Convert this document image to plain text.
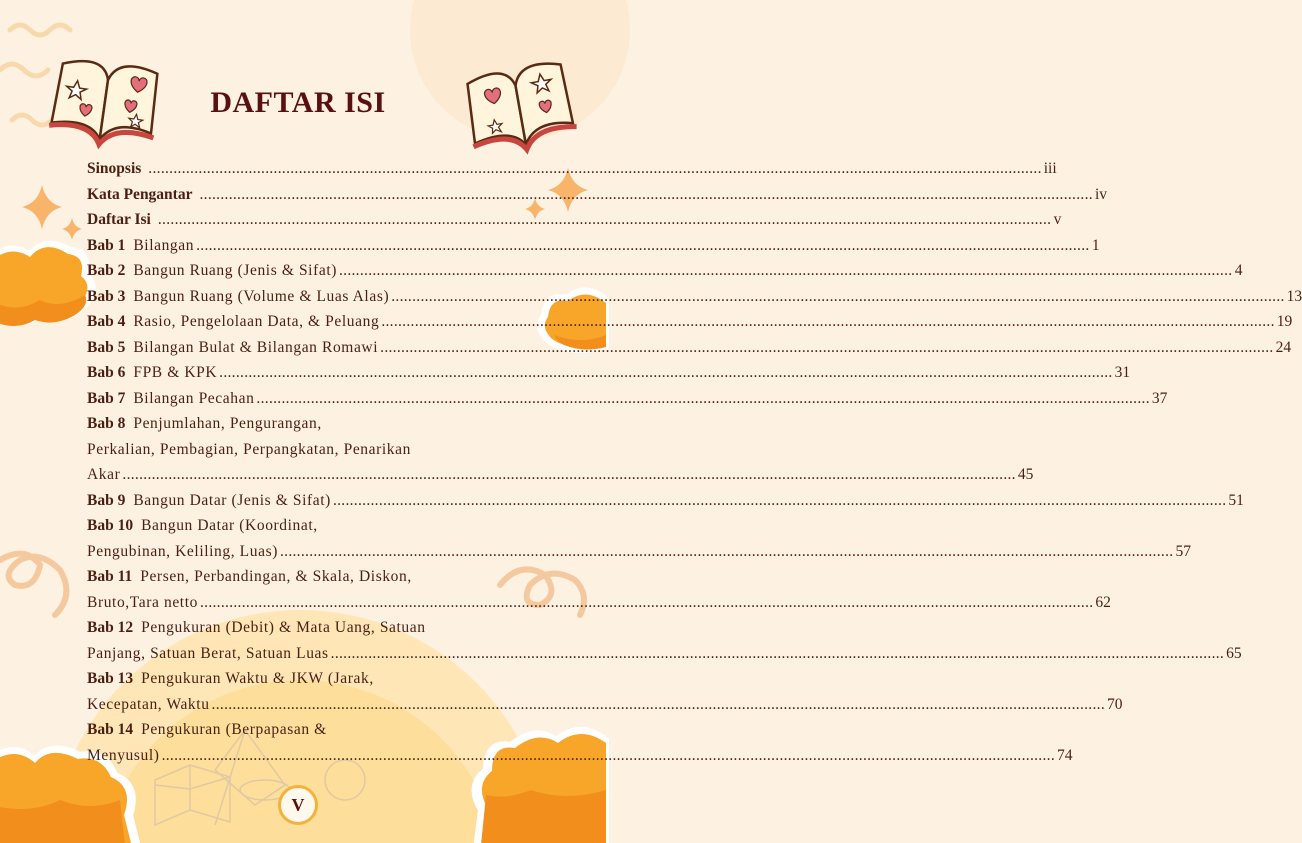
DAFTAR ISI
Sinopsis .....	iii
Kata Pengantar .....	iv
Daftar Isi .....	v
Bab 1 Bilangan .....	1
Bab 2 Bangun Ruang (Jenis & Sifat) .....	4
Bab 3 Bangun Ruang (Volume & Luas Alas) .....	13
Bab 4 Rasio, Pengelolaan Data, & Peluang .....	19
Bab 5 Bilangan Bulat & Bilangan Romawi .....	24
Bab 6 FPB & KPK .....	31
Bab 7 Bilangan Pecahan .....	37
Bab 8 Penjumlahan, Pengurangan,
Perkalian, Pembagian, Perpangkatan, Penarikan
Akar .....	45
Bab 9 Bangun Datar (Jenis & Sifat) .....	51
Bab 10 Bangun Datar (Koordinat,
Pengubinan, Keliling, Luas) .....	57
Bab 11 Persen, Perbandingan, & Skala, Diskon,
Bruto,Tara netto .....	62
Bab 12 Pengukuran (Debit) & Mata Uang, Satuan
Panjang, Satuan Berat, Satuan Luas .....	65
Bab 13 Pengukuran Waktu & JKW (Jarak,
Kecepatan, Waktu .....	70
Bab 14 Pengukuran (Berpapasan &
Menyusul) .....	74
V
